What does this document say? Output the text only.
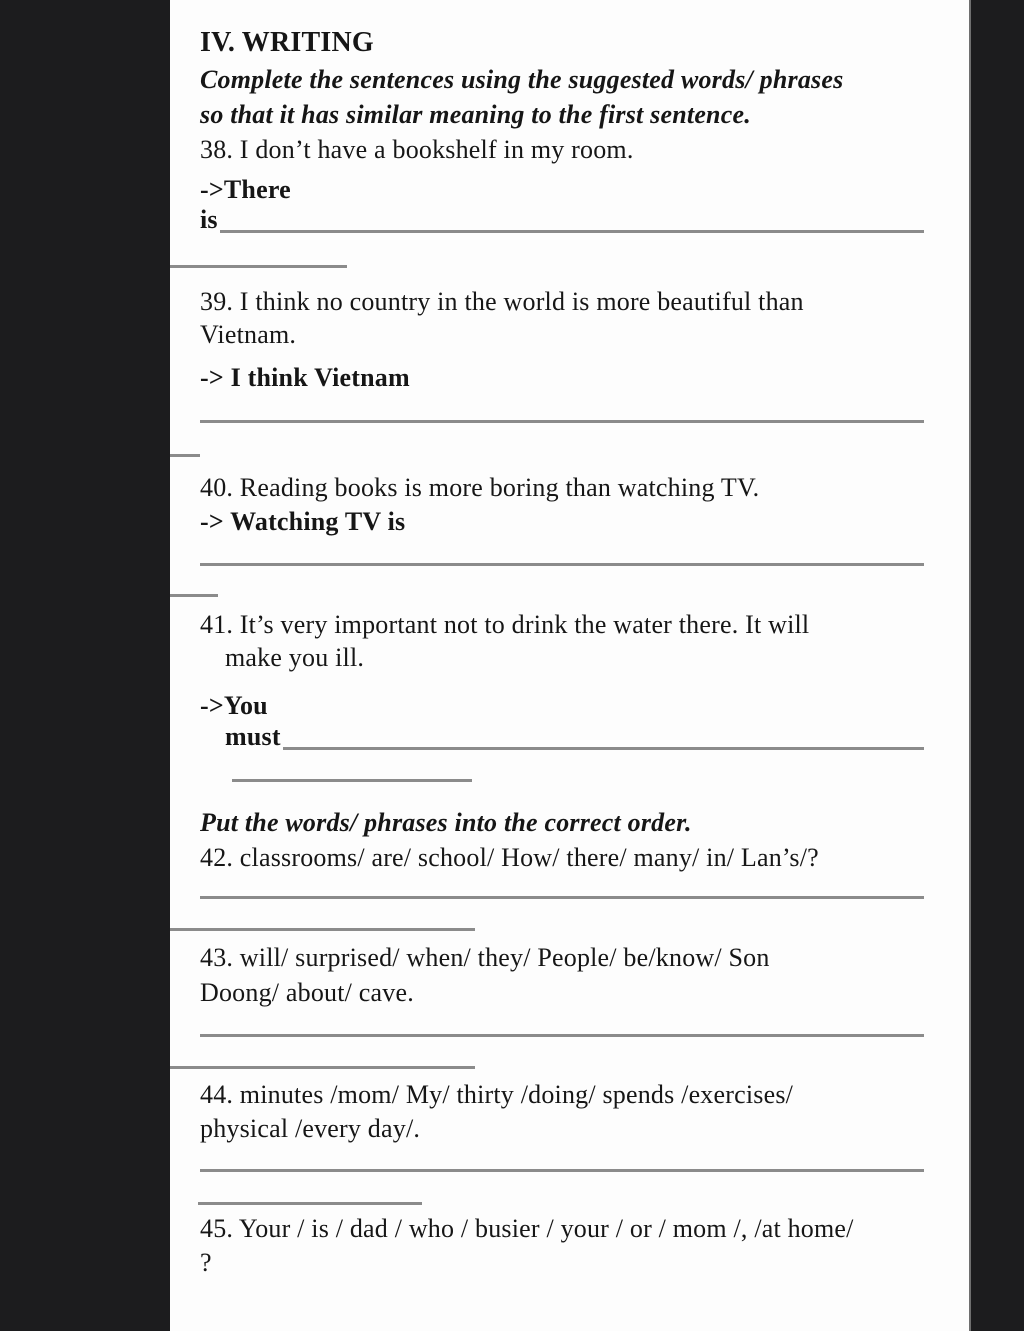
IV. WRITING
Complete the sentences using the suggested words/ phrases
so that it has similar meaning to the first sentence.
38. I don’t have a bookshelf in my room.
->There
is
39. I think no country in the world is more beautiful than
Vietnam.
-> I think Vietnam
40. Reading books is more boring than watching TV.
-> Watching TV is
41. It’s very important not to drink the water there. It will
make you ill.
->You
must
Put the words/ phrases into the correct order.
42. classrooms/ are/ school/ How/ there/ many/ in/ Lan’s/?
43. will/ surprised/ when/ they/ People/ be/know/ Son
Doong/ about/ cave.
44. minutes /mom/ My/ thirty /doing/ spends /exercises/
physical /every day/.
45. Your / is / dad / who / busier / your / or / mom /, /at home/
?
